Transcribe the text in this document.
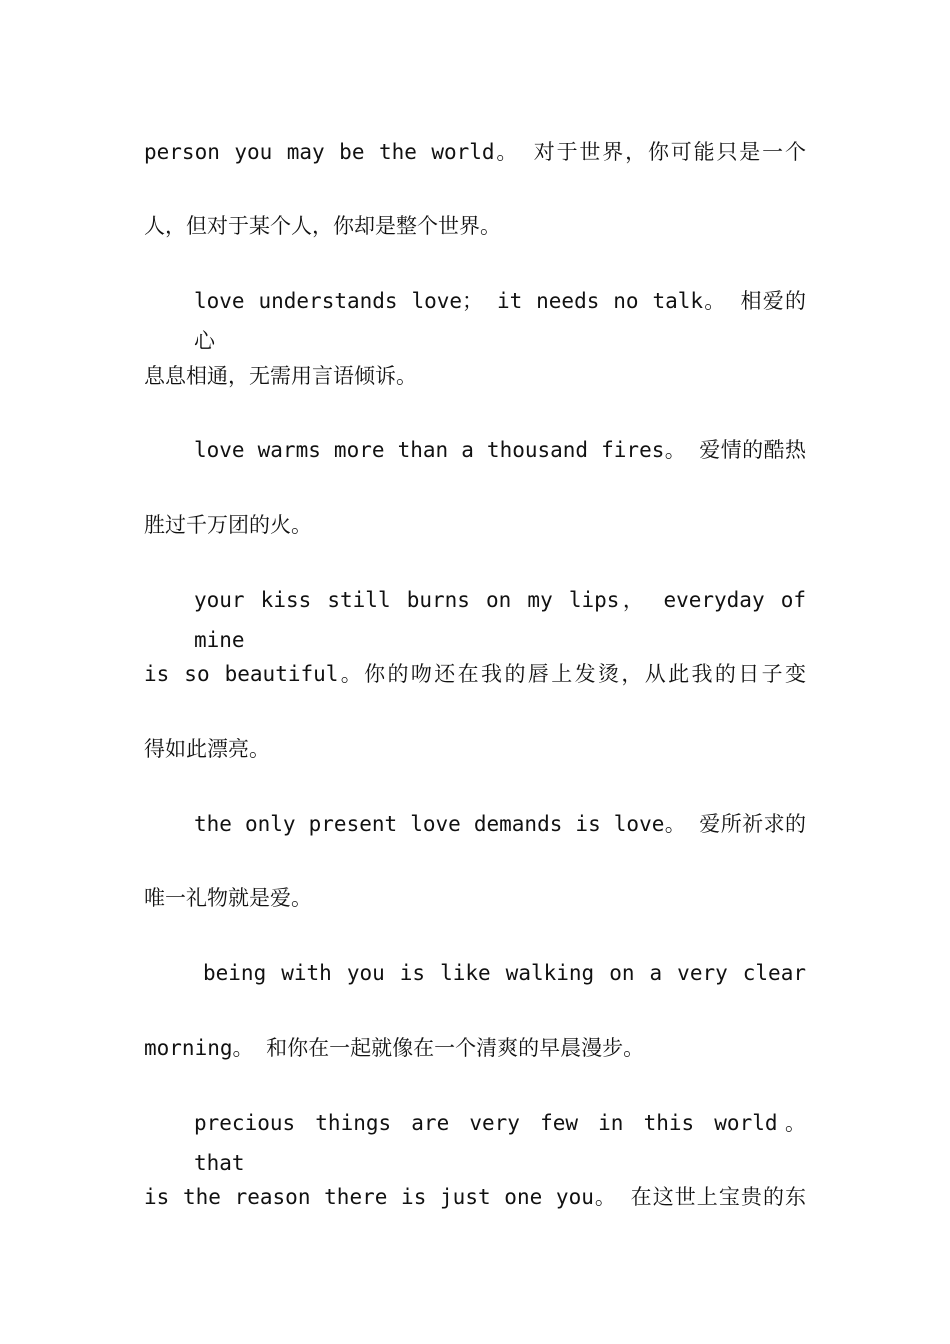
person you may be the world。 对于世界，你可能只是一个
人，但对于某个人，你却是整个世界。
love understands love； it needs no talk。 相爱的心
息息相通，无需用言语倾诉。
love warms more than a thousand fires。 爱情的酷热
胜过千万团的火。
your kiss still burns on my lips， everyday of mine
is so beautiful。你的吻还在我的唇上发烫，从此我的日子变
得如此漂亮。
the only present love demands is love。 爱所祈求的
唯一礼物就是爱。
being with you is like walking on a very clear
morning。 和你在一起就像在一个清爽的早晨漫步。
precious things are very few in this world。 that
is the reason there is just one you。 在这世上宝贵的东
